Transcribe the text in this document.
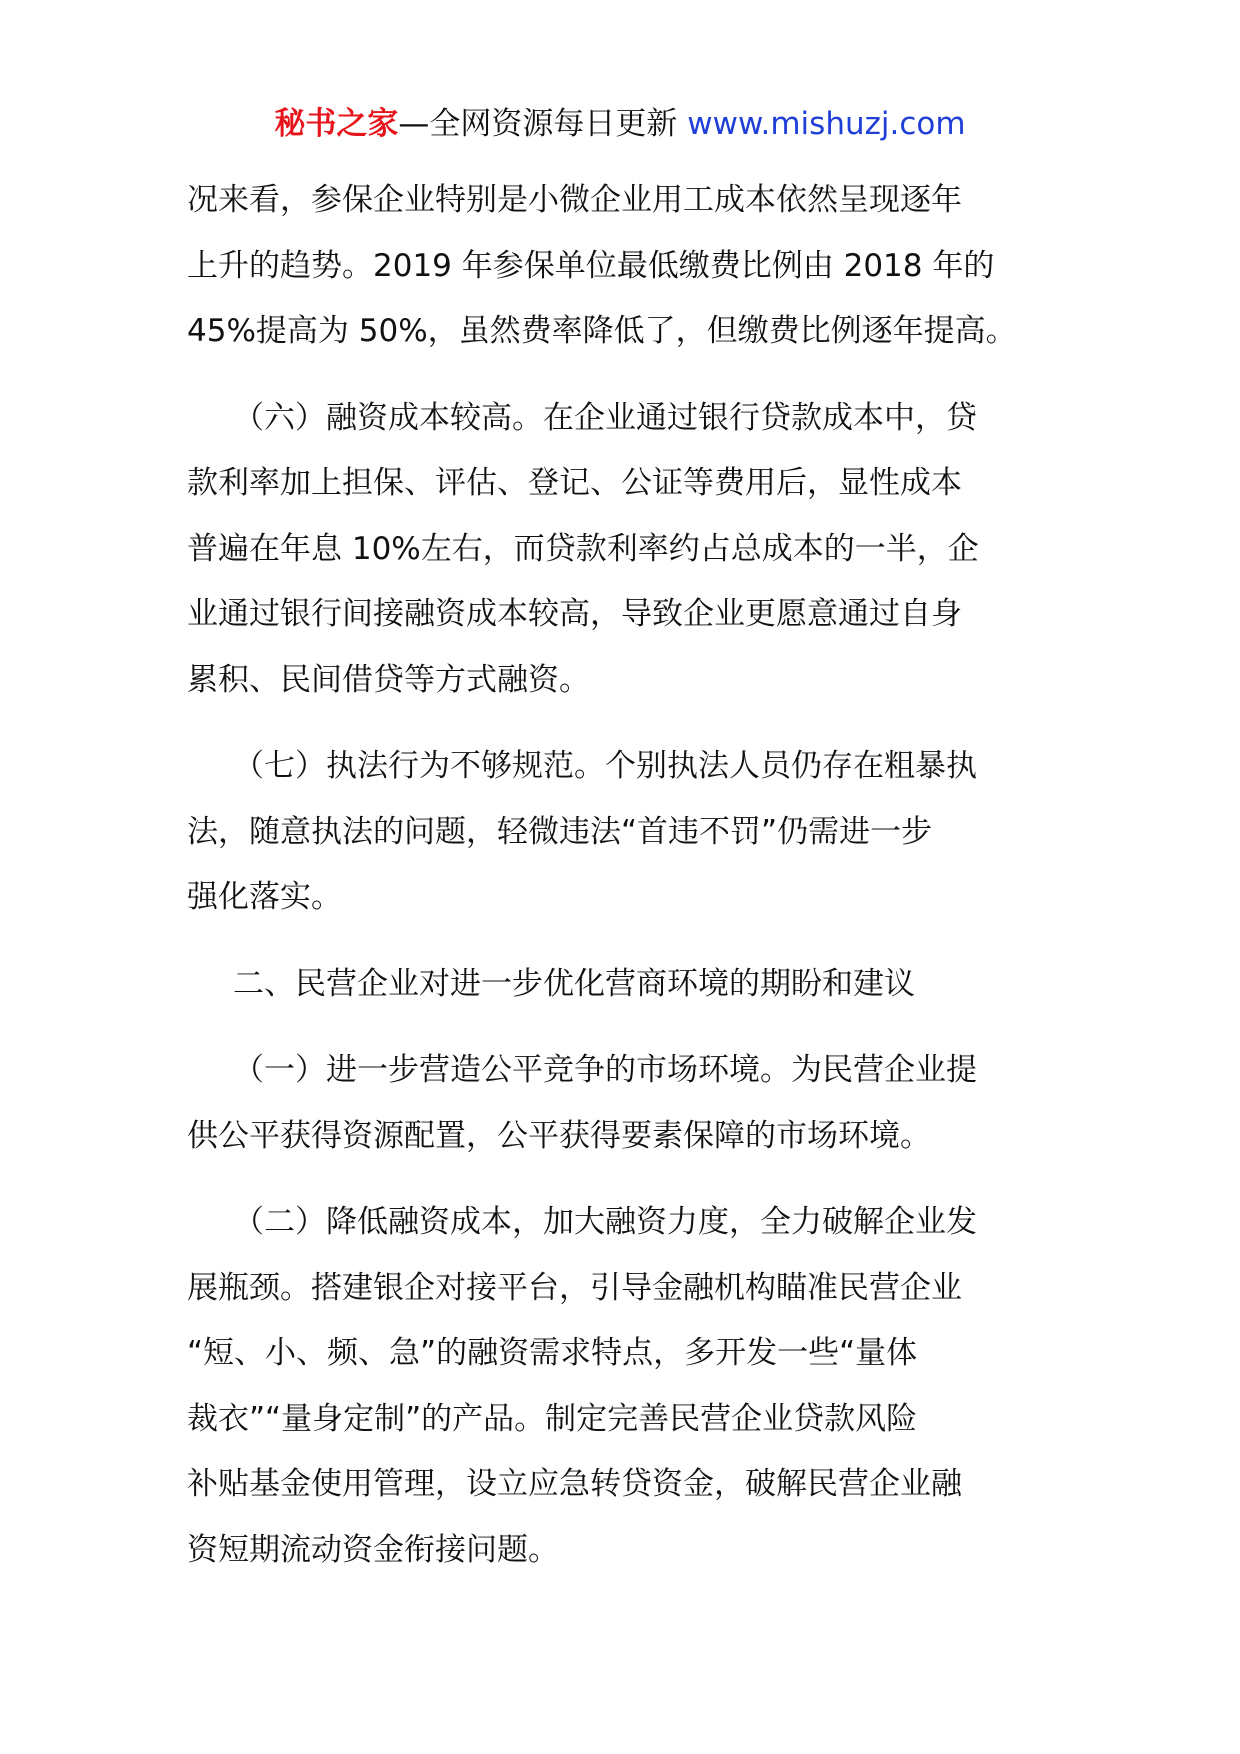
秘书之家—全网资源每日更新 www.mishuzj.com

况来看，参保企业特别是小微企业用工成本依然呈现逐年
上升的趋势。2019 年参保单位最低缴费比例由 2018 年的
45%提高为 50%，虽然费率降低了，但缴费比例逐年提高。

（六）融资成本较高。在企业通过银行贷款成本中，贷
款利率加上担保、评估、登记、公证等费用后，显性成本
普遍在年息 10%左右，而贷款利率约占总成本的一半，企
业通过银行间接融资成本较高，导致企业更愿意通过自身
累积、民间借贷等方式融资。

（七）执法行为不够规范。个别执法人员仍存在粗暴执
法，随意执法的问题，轻微违法“首违不罚”仍需进一步
强化落实。

二、民营企业对进一步优化营商环境的期盼和建议

（一）进一步营造公平竞争的市场环境。为民营企业提
供公平获得资源配置，公平获得要素保障的市场环境。

（二）降低融资成本，加大融资力度，全力破解企业发
展瓶颈。搭建银企对接平台，引导金融机构瞄准民营企业
“短、小、频、急”的融资需求特点，多开发一些“量体
裁衣”“量身定制”的产品。制定完善民营企业贷款风险
补贴基金使用管理，设立应急转贷资金，破解民营企业融
资短期流动资金衔接问题。
